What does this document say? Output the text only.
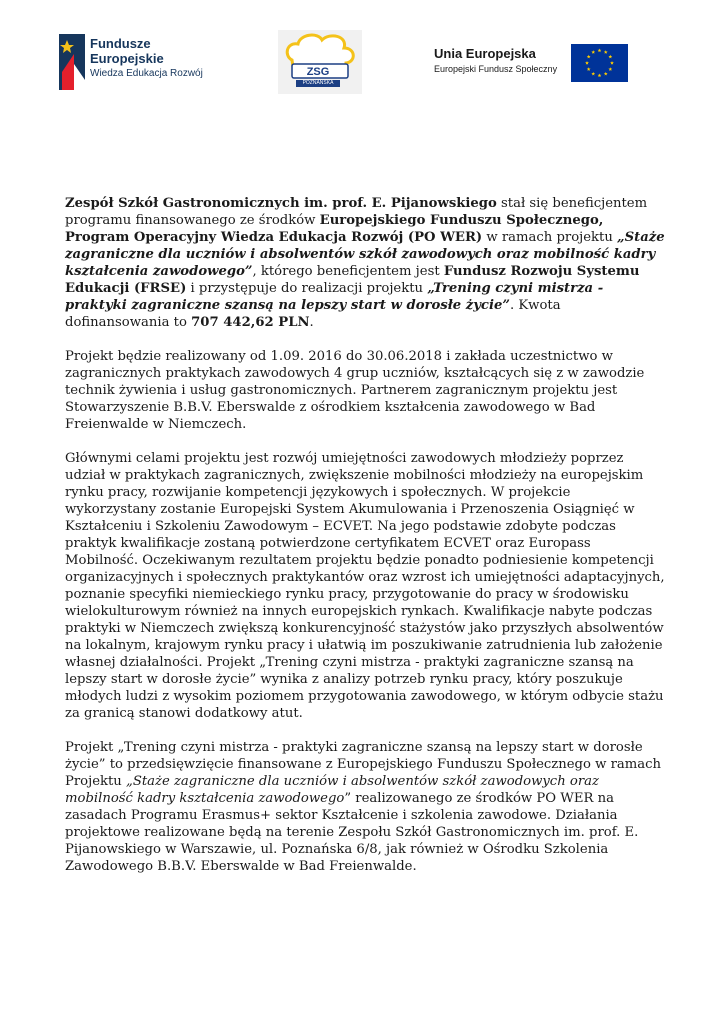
Fundusze
Europejskie
Wiedza Edukacja Rozwój	ZSG
POZNAŃSKA
Unia Europejska
Europejski Fundusz Społeczny

Zespół Szkół Gastronomicznych im. prof. E. Pijanowskiego stał się beneficjentem programu finansowanego ze środków Europejskiego Funduszu Społecznego, Program Operacyjny Wiedza Edukacja Rozwój (PO WER) w ramach projektu „Staże zagraniczne dla uczniów i absolwentów szkół zawodowych oraz mobilność kadry kształcenia zawodowego”, którego beneficjentem jest Fundusz Rozwoju Systemu Edukacji (FRSE) i przystępuje do realizacji projektu „Trening czyni mistrza - praktyki zagraniczne szansą na lepszy start w dorosłe życie”. Kwota dofinansowania to 707 442,62 PLN.

Projekt będzie realizowany od 1.09. 2016 do 30.06.2018 i zakłada uczestnictwo w zagranicznych praktykach zawodowych 4 grup uczniów, kształcących się z w zawodzie technik żywienia i usług gastronomicznych. Partnerem zagranicznym projektu jest Stowarzyszenie B.B.V. Eberswalde z ośrodkiem kształcenia zawodowego w Bad Freienwalde w Niemczech.

Głównymi celami projektu jest rozwój umiejętności zawodowych młodzieży poprzez udział w praktykach zagranicznych, zwiększenie mobilności młodzieży na europejskim rynku pracy, rozwijanie kompetencji językowych i społecznych. W projekcie wykorzystany zostanie Europejski System Akumulowania i Przenoszenia Osiągnięć w Kształceniu i Szkoleniu Zawodowym – ECVET. Na jego podstawie zdobyte podczas praktyk kwalifikacje zostaną potwierdzone certyfikatem ECVET oraz Europass Mobilność. Oczekiwanym rezultatem projektu będzie ponadto podniesienie kompetencji organizacyjnych i społecznych praktykantów oraz wzrost ich umiejętności adaptacyjnych, poznanie specyfiki niemieckiego rynku pracy, przygotowanie do pracy w środowisku wielokulturowym również na innych europejskich rynkach. Kwalifikacje nabyte podczas praktyki w Niemczech zwiększą konkurencyjność stażystów jako przyszłych absolwentów na lokalnym, krajowym rynku pracy i ułatwią im poszukiwanie zatrudnienia lub założenie własnej działalności. Projekt „Trening czyni mistrza - praktyki zagraniczne szansą na lepszy start w dorosłe życie” wynika z analizy potrzeb rynku pracy, który poszukuje młodych ludzi z wysokim poziomem przygotowania zawodowego, w którym odbycie stażu za granicą stanowi dodatkowy atut.

Projekt „Trening czyni mistrza - praktyki zagraniczne szansą na lepszy start w dorosłe życie” to przedsięwzięcie finansowane z Europejskiego Funduszu Społecznego w ramach Projektu „Staże zagraniczne dla uczniów i absolwentów szkół zawodowych oraz mobilność kadry kształcenia zawodowego” realizowanego ze środków PO WER na zasadach Programu Erasmus+ sektor Kształcenie i szkolenia zawodowe. Działania projektowe realizowane będą na terenie Zespołu Szkół Gastronomicznych im. prof. E. Pijanowskiego w Warszawie, ul. Poznańska 6/8, jak również w Ośrodku Szkolenia Zawodowego B.B.V. Eberswalde w Bad Freienwalde.
